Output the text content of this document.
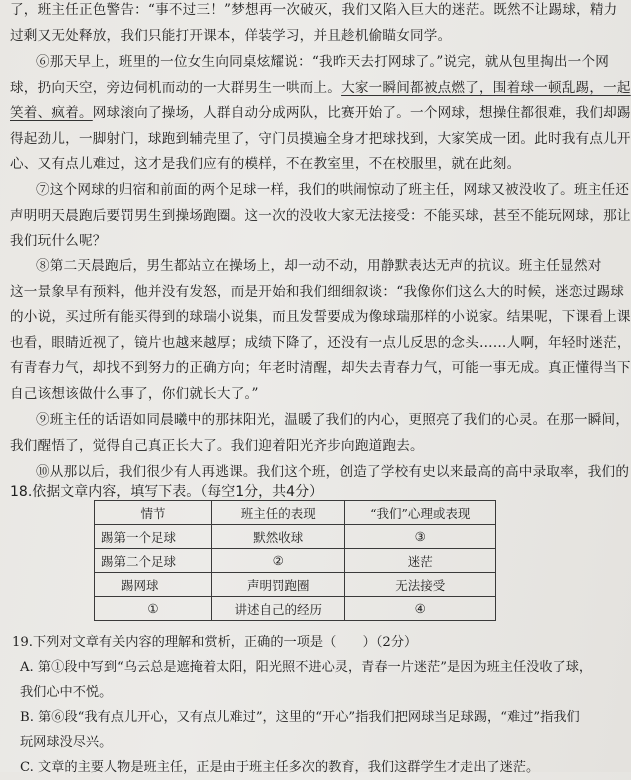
了，班主任正色警告：“事不过三！”梦想再一次破灭，我们又陷入巨大的迷茫。既然不让踢球，精力
过剩又无处释放，我们只能打开课本，佯装学习，并且趁机偷瞄女同学。
⑥那天早上，班里的一位女生向同桌炫耀说：“我昨天去打网球了。”说完，就从包里掏出一个网
球，扔向天空，旁边伺机而动的一大群男生一哄而上。大家一瞬间都被点燃了，围着球一顿乱踢，一起
笑着、疯着。网球滚向了操场，人群自动分成两队，比赛开始了。一个网球，想操住都很难，我们却踢
得起劲儿，一脚射门，球跑到辅壳里了，守门员摸遍全身才把球找到，大家笑成一团。此时我有点儿开
心、又有点儿难过，这才是我们应有的模样，不在教室里，不在校服里，就在此刻。
⑦这个网球的归宿和前面的两个足球一样，我们的哄闹惊动了班主任，网球又被没收了。班主任还
声明明天晨跑后要罚男生到操场跑圈。这一次的没收大家无法接受：不能买球，甚至不能玩网球，那让
我们玩什么呢？
⑧第二天晨跑后，男生都站立在操场上，却一动不动，用静默表达无声的抗议。班主任显然对
这一景象早有预料，他并没有发怒，而是开始和我们细细叙谈：“我像你们这么大的时候，迷恋过踢球
的小说，买过所有能买得到的球瑞小说集，而且发誓要成为像球瑞那样的小说家。结果呢，下课看上课
也看，眼睛近视了，镜片也越来越厚；成绩下降了，还没有一点儿反思的念头……人啊，年轻时迷茫，
有青春力气，却找不到努力的正确方向；年老时清醒，却失去青春力气，可能一事无成。真正懂得当下
自己该想该做什么事了，你们就长大了。”
⑨班主任的话语如同晨曦中的那抹阳光，温暖了我们的内心，更照亮了我们的心灵。在那一瞬间，
我们醒悟了，觉得自己真正长大了。我们迎着阳光齐步向跑道跑去。
⑩从那以后，我们很少有人再逃课。我们这个班，创造了学校有史以来最高的高中录取率，我们的
18.依据文章内容，填写下表。（每空1分，共4分）
情节	班主任的表现	“我们”心理或表现
踢第一个足球	默然收球	③
踢第二个足球	②	迷茫
踢网球	声明罚跑圈	无法接受
①	讲述自己的经历	④
19.下列对文章有关内容的理解和赏析，正确的一项是（　　）（2分）
A. 第①段中写到“乌云总是遮掩着太阳，阳光照不进心灵，青春一片迷茫”是因为班主任没收了球，
我们心中不悦。
B. 第⑥段“我有点儿开心，又有点儿难过”，这里的“开心”指我们把网球当足球踢，“难过”指我们
玩网球没尽兴。
C. 文章的主要人物是班主任，正是由于班主任多次的教育，我们这群学生才走出了迷茫。
